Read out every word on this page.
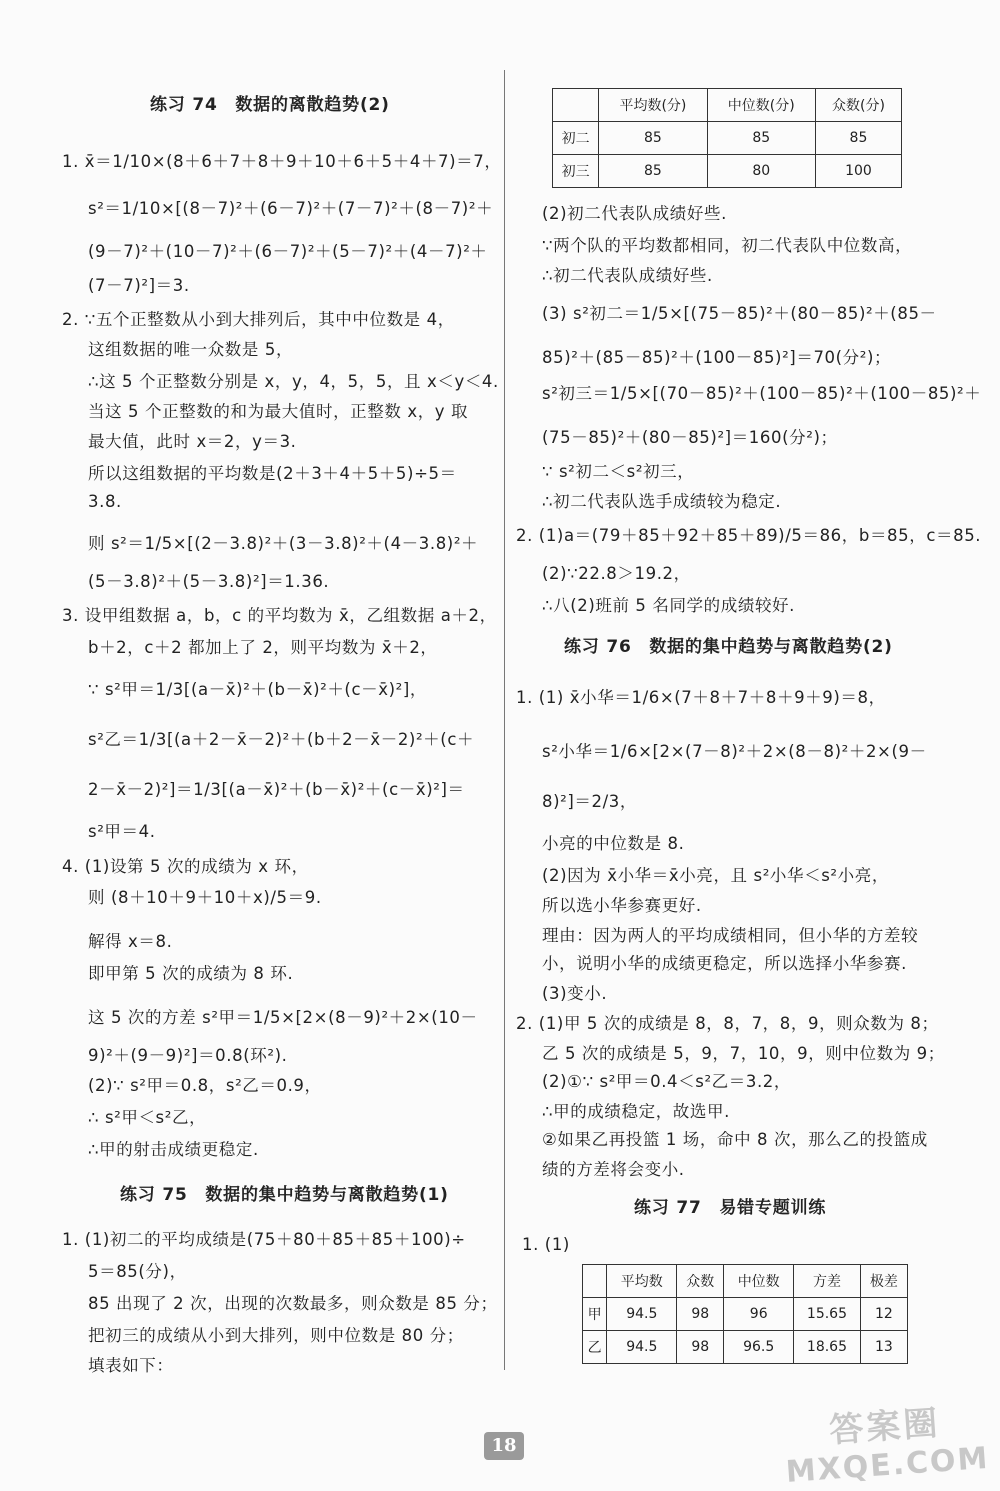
练习 74　数据的离散趋势(2)
1. x̄＝1/10×(8＋6＋7＋8＋9＋10＋6＋5＋4＋7)＝7，
s²＝1/10×[(8－7)²＋(6－7)²＋(7－7)²＋(8－7)²＋
(9－7)²＋(10－7)²＋(6－7)²＋(5－7)²＋(4－7)²＋
(7－7)²]＝3.
2. ∵五个正整数从小到大排列后，其中中位数是 4，
这组数据的唯一众数是 5，
∴这 5 个正整数分别是 x，y，4，5，5，且 x＜y＜4.
当这 5 个正整数的和为最大值时，正整数 x，y 取
最大值，此时 x＝2，y＝3.
所以这组数据的平均数是(2＋3＋4＋5＋5)÷5＝
3.8.
则 s²＝1/5×[(2－3.8)²＋(3－3.8)²＋(4－3.8)²＋
(5－3.8)²＋(5－3.8)²]＝1.36.
3. 设甲组数据 a，b，c 的平均数为 x̄，乙组数据 a＋2，
b＋2，c＋2 都加上了 2，则平均数为 x̄＋2，
∵ s²甲＝1/3[(a－x̄)²＋(b－x̄)²＋(c－x̄)²]，
s²乙＝1/3[(a＋2－x̄－2)²＋(b＋2－x̄－2)²＋(c＋
2－x̄－2)²]＝1/3[(a－x̄)²＋(b－x̄)²＋(c－x̄)²]＝
s²甲＝4.
4. (1)设第 5 次的成绩为 x 环，
则 (8＋10＋9＋10＋x)/5＝9.
解得 x＝8.
即甲第 5 次的成绩为 8 环.
这 5 次的方差 s²甲＝1/5×[2×(8－9)²＋2×(10－
9)²＋(9－9)²]＝0.8(环²).
(2)∵ s²甲＝0.8，s²乙＝0.9，
∴ s²甲＜s²乙，
∴甲的射击成绩更稳定.
练习 75　数据的集中趋势与离散趋势(1)
1. (1)初二的平均成绩是(75＋80＋85＋85＋100)÷
5＝85(分)，
85 出现了 2 次，出现的次数最多，则众数是 85 分；
把初三的成绩从小到大排列，则中位数是 80 分；
填表如下：
	平均数(分)	中位数(分)	众数(分)
初二	85	85	85
初三	85	80	100
(2)初二代表队成绩好些.
∵两个队的平均数都相同，初二代表队中位数高，
∴初二代表队成绩好些.
(3) s²初二＝1/5×[(75－85)²＋(80－85)²＋(85－
85)²＋(85－85)²＋(100－85)²]＝70(分²)；
s²初三＝1/5×[(70－85)²＋(100－85)²＋(100－85)²＋
(75－85)²＋(80－85)²]＝160(分²)；
∵ s²初二＜s²初三，
∴初二代表队选手成绩较为稳定.
2. (1)a＝(79＋85＋92＋85＋89)/5＝86，b＝85，c＝85.
(2)∵22.8＞19.2，
∴八(2)班前 5 名同学的成绩较好.
练习 76　数据的集中趋势与离散趋势(2)
1. (1) x̄小华＝1/6×(7＋8＋7＋8＋9＋9)＝8，
s²小华＝1/6×[2×(7－8)²＋2×(8－8)²＋2×(9－
8)²]＝2/3，
小亮的中位数是 8.
(2)因为 x̄小华＝x̄小亮，且 s²小华＜s²小亮，
所以选小华参赛更好.
理由：因为两人的平均成绩相同，但小华的方差较
小，说明小华的成绩更稳定，所以选择小华参赛.
(3)变小.
2. (1)甲 5 次的成绩是 8，8，7，8，9，则众数为 8；
乙 5 次的成绩是 5，9，7，10，9，则中位数为 9；
(2)①∵ s²甲＝0.4＜s²乙＝3.2，
∴甲的成绩稳定，故选甲.
②如果乙再投篮 1 场，命中 8 次，那么乙的投篮成
绩的方差将会变小.
练习 77　易错专题训练
1. (1)
	平均数	众数	中位数	方差	极差
甲	94.5	98	96	15.65	12
乙	94.5	98	96.5	18.65	13
18	答案圈
MXQE.COM
